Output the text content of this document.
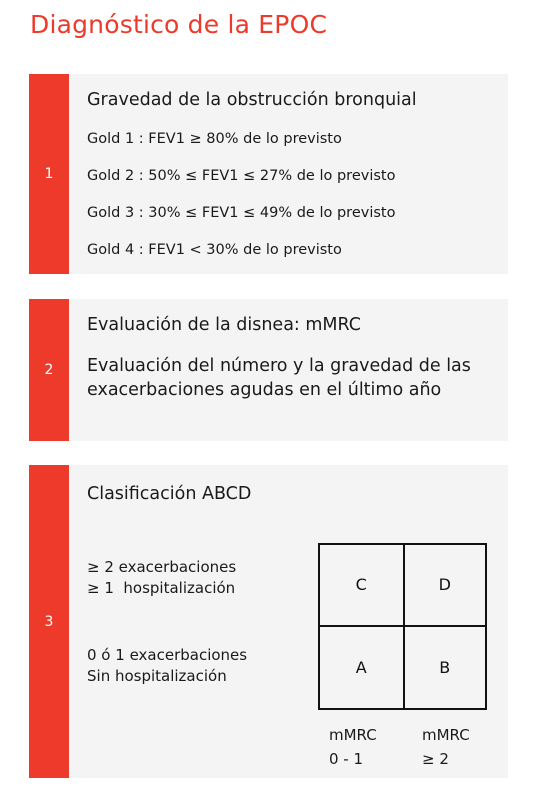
Diagnóstico de la EPOC
1
Gravedad de la obstrucción bronquial
Gold 1 : FEV1 ≥ 80% de lo previsto
Gold 2 : 50% ≤ FEV1 ≤ 27% de lo previsto
Gold 3 : 30% ≤ FEV1 ≤ 49% de lo previsto
Gold 4 : FEV1 < 30% de lo previsto
2
Evaluación de la disnea: mMRC
Evaluación del número y la gravedad de las exacerbaciones agudas en el último año
3
Clasificación ABCD
≥ 2 exacerbaciones
≥ 1  hospitalización
0 ó 1 exacerbaciones
Sin hospitalización
C	D
A	B
mMRC
0 - 1
mMRC
≥ 2
